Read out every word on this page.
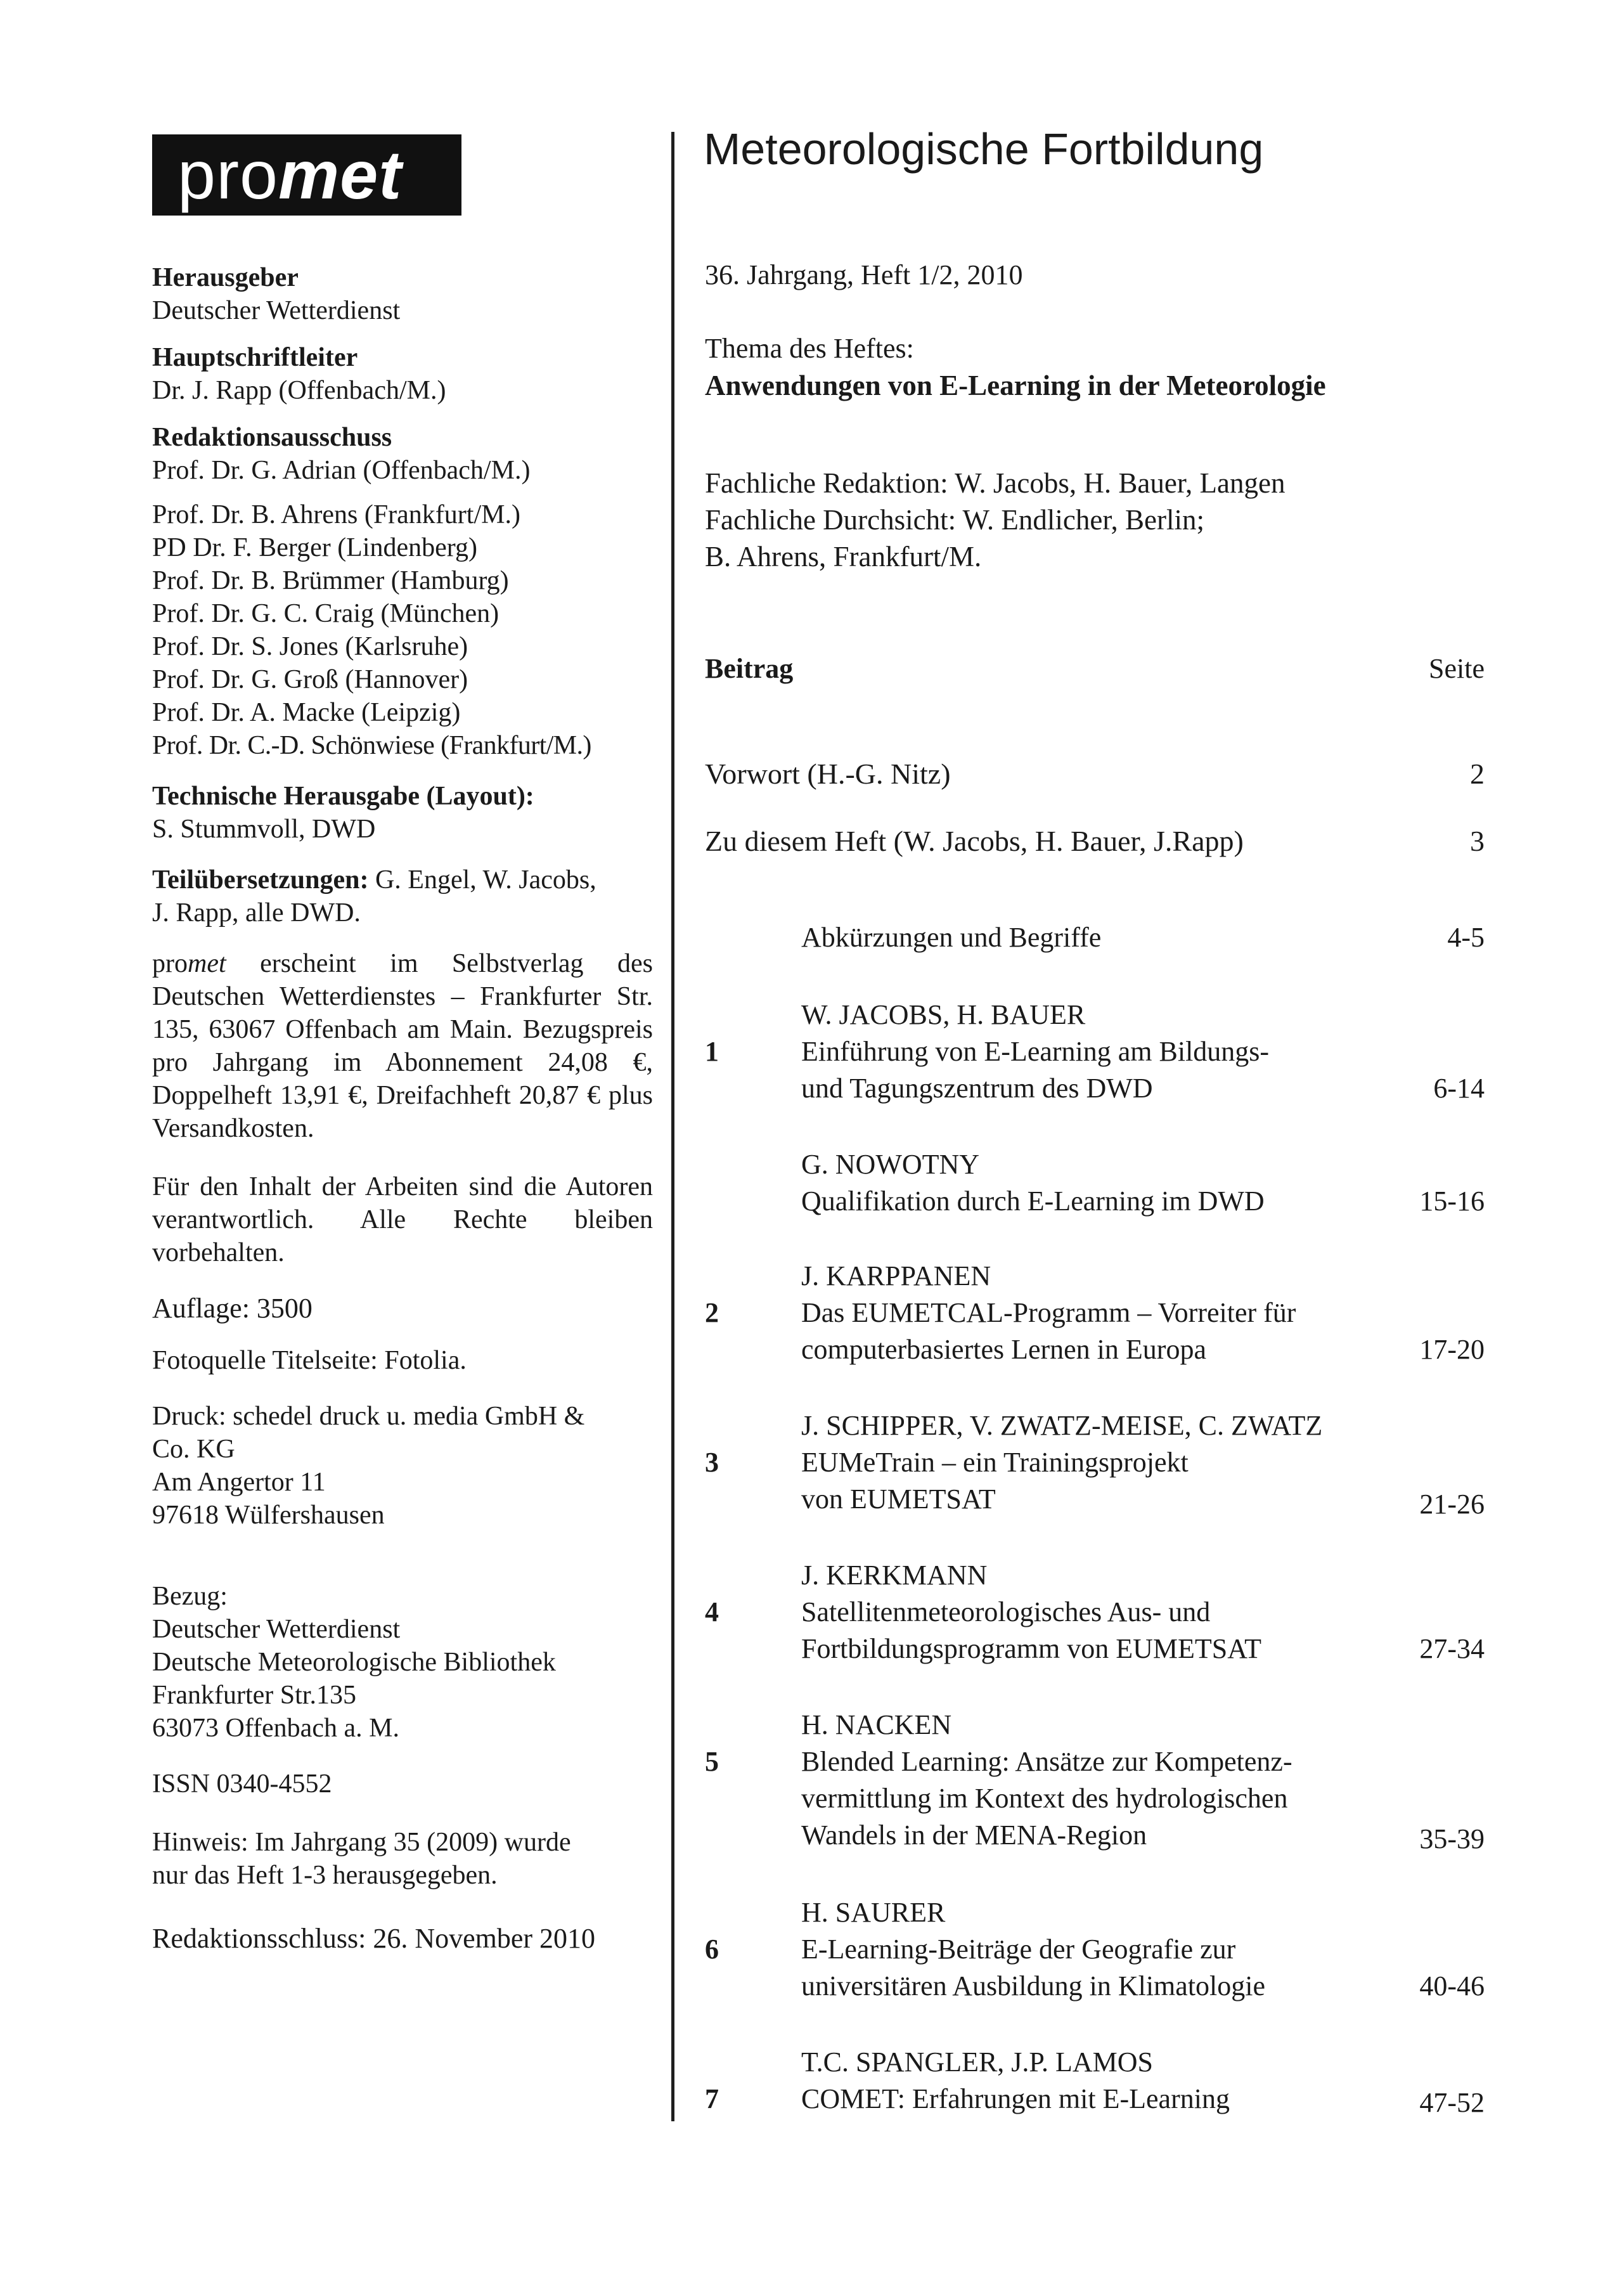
promet	Meteorologische Fortbildung
Herausgeber
Deutscher Wetterdienst
Hauptschriftleiter
Dr. J. Rapp (Offenbach/M.)
Redaktionsausschuss
Prof. Dr. G. Adrian (Offenbach/M.)
Prof. Dr. B. Ahrens (Frankfurt/M.)
PD Dr. F. Berger (Lindenberg)
Prof. Dr. B. Brümmer (Hamburg)
Prof. Dr. G. C. Craig (München)
Prof. Dr. S. Jones (Karlsruhe)
Prof. Dr. G. Groß (Hannover)
Prof. Dr. A. Macke (Leipzig)
Prof. Dr. C.-D. Schönwiese (Frankfurt/M.)
Technische Herausgabe (Layout):
S. Stummvoll, DWD
Teilübersetzungen: G. Engel, W. Jacobs,
J. Rapp, alle DWD.
promet erscheint im Selbstverlag des Deutschen Wetterdienstes – Frankfurter Str. 135, 63067 Offenbach am Main. Bezugspreis pro Jahrgang im Abonnement 24,08 €, Doppelheft 13,91 €, Dreifachheft 20,87 € plus Versandkosten.
Für den Inhalt der Arbeiten sind die Autoren verantwortlich. Alle Rechte bleiben vorbehalten.
Auflage: 3500
Fotoquelle Titelseite: Fotolia.
Druck: schedel druck u. media GmbH &
Co. KG
Am Angertor 11
97618 Wülfershausen
Bezug:
Deutscher Wetterdienst
Deutsche Meteorologische Bibliothek
Frankfurter Str.135
63073 Offenbach a. M.
ISSN 0340-4552
Hinweis: Im Jahrgang 35 (2009) wurde
nur das Heft 1-3 herausgegeben.
Redaktionsschluss: 26. November 2010
36. Jahrgang, Heft 1/2, 2010
Thema des Heftes:
Anwendungen von E-Learning in der Meteorologie
Fachliche Redaktion: W. Jacobs, H. Bauer, Langen
Fachliche Durchsicht: W. Endlicher, Berlin;
B. Ahrens, Frankfurt/M.
Beitrag	Seite
Vorwort (H.-G. Nitz)	2
Zu diesem Heft (W. Jacobs, H. Bauer, J.Rapp)	3
Abkürzungen und Begriffe	4-5
1
W. JACOBS, H. BAUER
Einführung von E-Learning am Bildungs-
und Tagungszentrum des DWD	6-14
G. NOWOTNY
Qualifikation durch E-Learning im DWD	15-16
2
J. KARPPANEN
Das EUMETCAL-Programm – Vorreiter für
computerbasiertes Lernen in Europa	17-20
3
J. SCHIPPER, V. ZWATZ-MEISE, C. ZWATZ
EUMeTrain – ein Trainingsprojekt
von EUMETSAT	21-26
4
J. KERKMANN
Satellitenmeteorologisches Aus- und
Fortbildungsprogramm von EUMETSAT	27-34
5
H. NACKEN
Blended Learning: Ansätze zur Kompetenz-
vermittlung im Kontext des hydrologischen
Wandels in der MENA-Region	35-39
6
H. SAURER
E-Learning-Beiträge der Geografie zur
universitären Ausbildung in Klimatologie	40-46
7
T.C. SPANGLER, J.P. LAMOS
COMET: Erfahrungen mit E-Learning	47-52
